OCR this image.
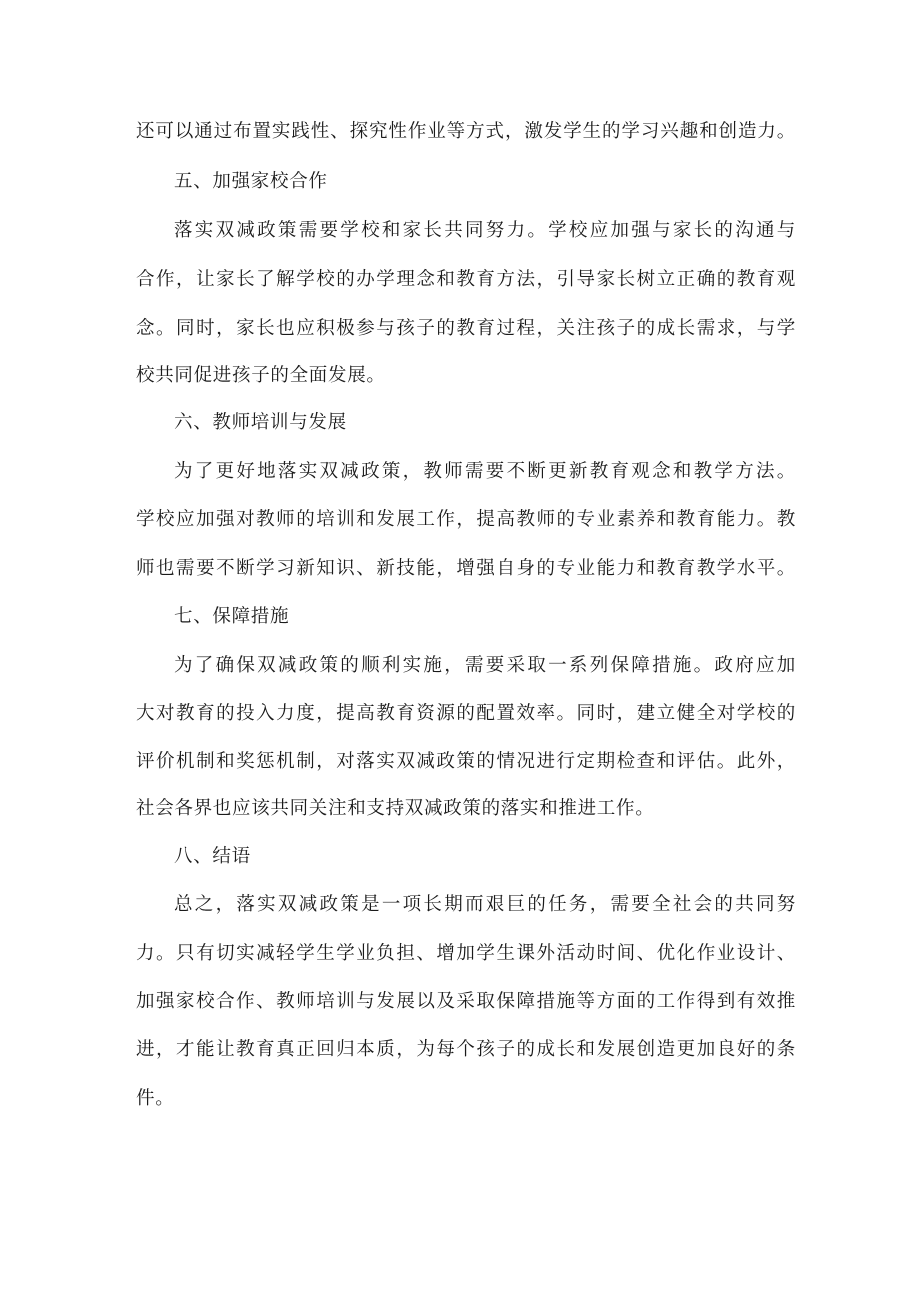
还可以通过布置实践性、探究性作业等方式，激发学生的学习兴趣和创造力。
五、加强家校合作
落实双减政策需要学校和家长共同努力。学校应加强与家长的沟通与
合作，让家长了解学校的办学理念和教育方法，引导家长树立正确的教育观
念。同时，家长也应积极参与孩子的教育过程，关注孩子的成长需求，与学
校共同促进孩子的全面发展。
六、教师培训与发展
为了更好地落实双减政策，教师需要不断更新教育观念和教学方法。
学校应加强对教师的培训和发展工作，提高教师的专业素养和教育能力。教
师也需要不断学习新知识、新技能，增强自身的专业能力和教育教学水平。
七、保障措施
为了确保双减政策的顺利实施，需要采取一系列保障措施。政府应加
大对教育的投入力度，提高教育资源的配置效率。同时，建立健全对学校的
评价机制和奖惩机制，对落实双减政策的情况进行定期检查和评估。此外，
社会各界也应该共同关注和支持双减政策的落实和推进工作。
八、结语
总之，落实双减政策是一项长期而艰巨的任务，需要全社会的共同努
力。只有切实减轻学生学业负担、增加学生课外活动时间、优化作业设计、
加强家校合作、教师培训与发展以及采取保障措施等方面的工作得到有效推
进，才能让教育真正回归本质，为每个孩子的成长和发展创造更加良好的条
件。
